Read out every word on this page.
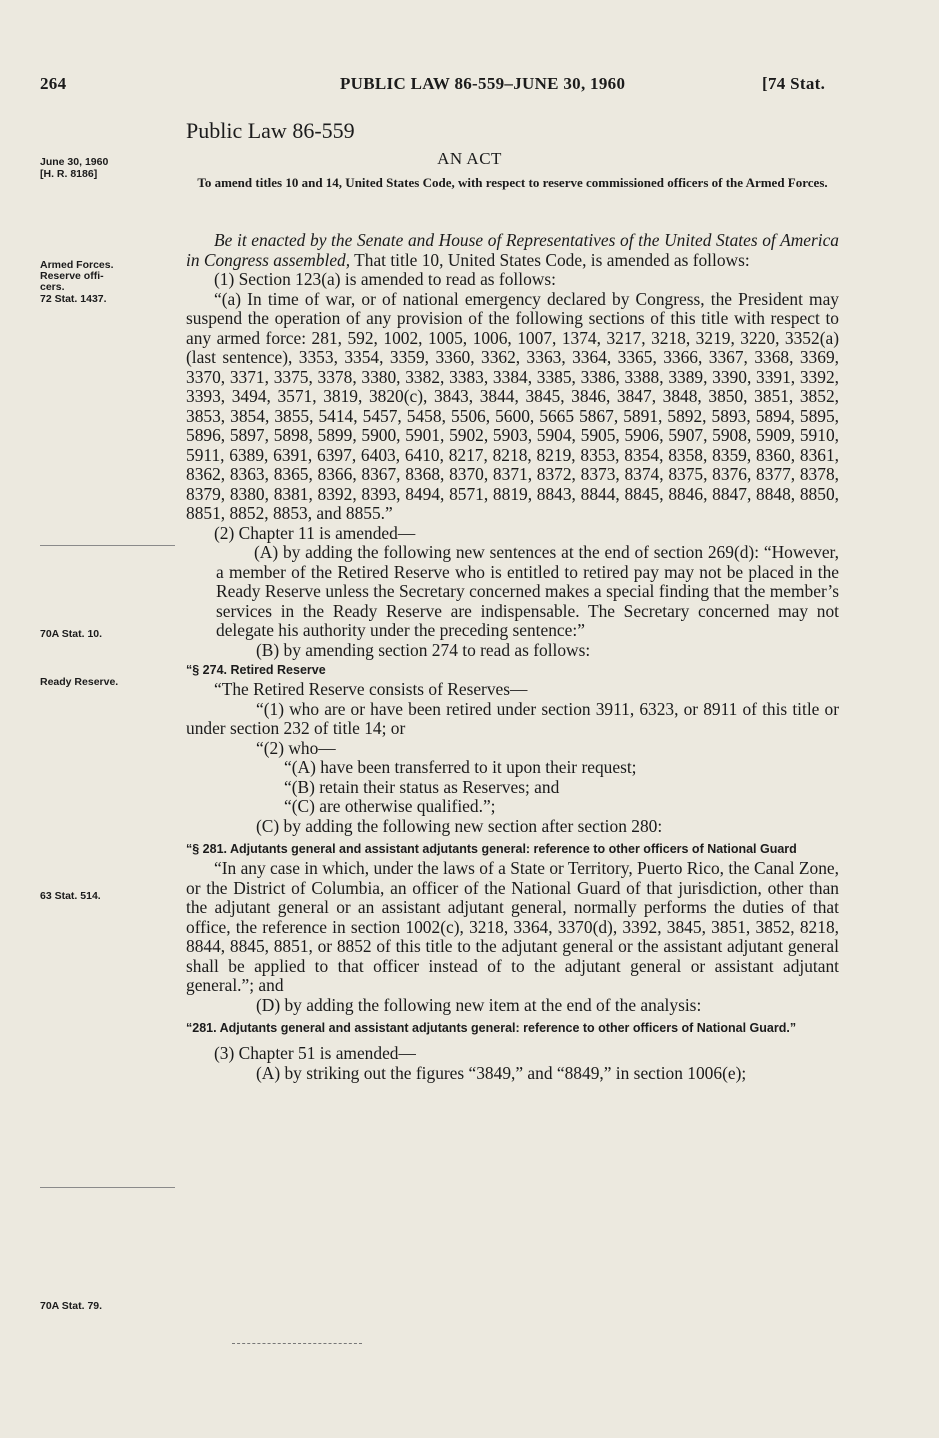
264	PUBLIC LAW 86-559–JUNE 30, 1960	[74 Stat.
Public Law 86-559
AN ACT
To amend titles 10 and 14, United States Code, with respect to reserve commissioned officers of the Armed Forces.
June 30, 1960
[H. R. 8186]
Armed Forces.
Reserve offi-
cers.
72 Stat. 1437.
70A Stat. 10.
Ready Reserve.
63 Stat. 514.
70A Stat. 79.

Be it enacted by the Senate and House of Representatives of the United States of America in Congress assembled, That title 10, United States Code, is amended as follows:

(1) Section 123(a) is amended to read as follows:

“(a) In time of war, or of national emergency declared by Congress, the President may suspend the operation of any provision of the following sections of this title with respect to any armed force: 281, 592, 1002, 1005, 1006, 1007, 1374, 3217, 3218, 3219, 3220, 3352(a) (last sentence), 3353, 3354, 3359, 3360, 3362, 3363, 3364, 3365, 3366, 3367, 3368, 3369, 3370, 3371, 3375, 3378, 3380, 3382, 3383, 3384, 3385, 3386, 3388, 3389, 3390, 3391, 3392, 3393, 3494, 3571, 3819, 3820(c), 3843, 3844, 3845, 3846, 3847, 3848, 3850, 3851, 3852, 3853, 3854, 3855, 5414, 5457, 5458, 5506, 5600, 5665 5867, 5891, 5892, 5893, 5894, 5895, 5896, 5897, 5898, 5899, 5900, 5901, 5902, 5903, 5904, 5905, 5906, 5907, 5908, 5909, 5910, 5911, 6389, 6391, 6397, 6403, 6410, 8217, 8218, 8219, 8353, 8354, 8358, 8359, 8360, 8361, 8362, 8363, 8365, 8366, 8367, 8368, 8370, 8371, 8372, 8373, 8374, 8375, 8376, 8377, 8378, 8379, 8380, 8381, 8392, 8393, 8494, 8571, 8819, 8843, 8844, 8845, 8846, 8847, 8848, 8850, 8851, 8852, 8853, and 8855.”

(2) Chapter 11 is amended—

(A) by adding the following new sentences at the end of section 269(d): “However, a member of the Retired Reserve who is entitled to retired pay may not be placed in the Ready Reserve unless the Secretary concerned makes a special finding that the member’s services in the Ready Reserve are indispensable. The Secretary concerned may not delegate his authority under the preceding sentence:”

(B) by amending section 274 to read as follows:

“§ 274. Retired Reserve

“The Retired Reserve consists of Reserves—

“(1) who are or have been retired under section 3911, 6323, or 8911 of this title or under section 232 of title 14; or

“(2) who—

“(A) have been transferred to it upon their request;

“(B) retain their status as Reserves; and

“(C) are otherwise qualified.”;

(C) by adding the following new section after section 280:

“§ 281. Adjutants general and assistant adjutants general: reference to other officers of National Guard

“In any case in which, under the laws of a State or Territory, Puerto Rico, the Canal Zone, or the District of Columbia, an officer of the National Guard of that jurisdiction, other than the adjutant general or an assistant adjutant general, normally performs the duties of that office, the reference in section 1002(c), 3218, 3364, 3370(d), 3392, 3845, 3851, 3852, 8218, 8844, 8845, 8851, or 8852 of this title to the adjutant general or the assistant adjutant general shall be applied to that officer instead of to the adjutant general or assistant adjutant general.”; and

(D) by adding the following new item at the end of the analysis:

“281. Adjutants general and assistant adjutants general: reference to other officers of National Guard.”

(3) Chapter 51 is amended—

(A) by striking out the figures “3849,” and “8849,” in section 1006(e);
